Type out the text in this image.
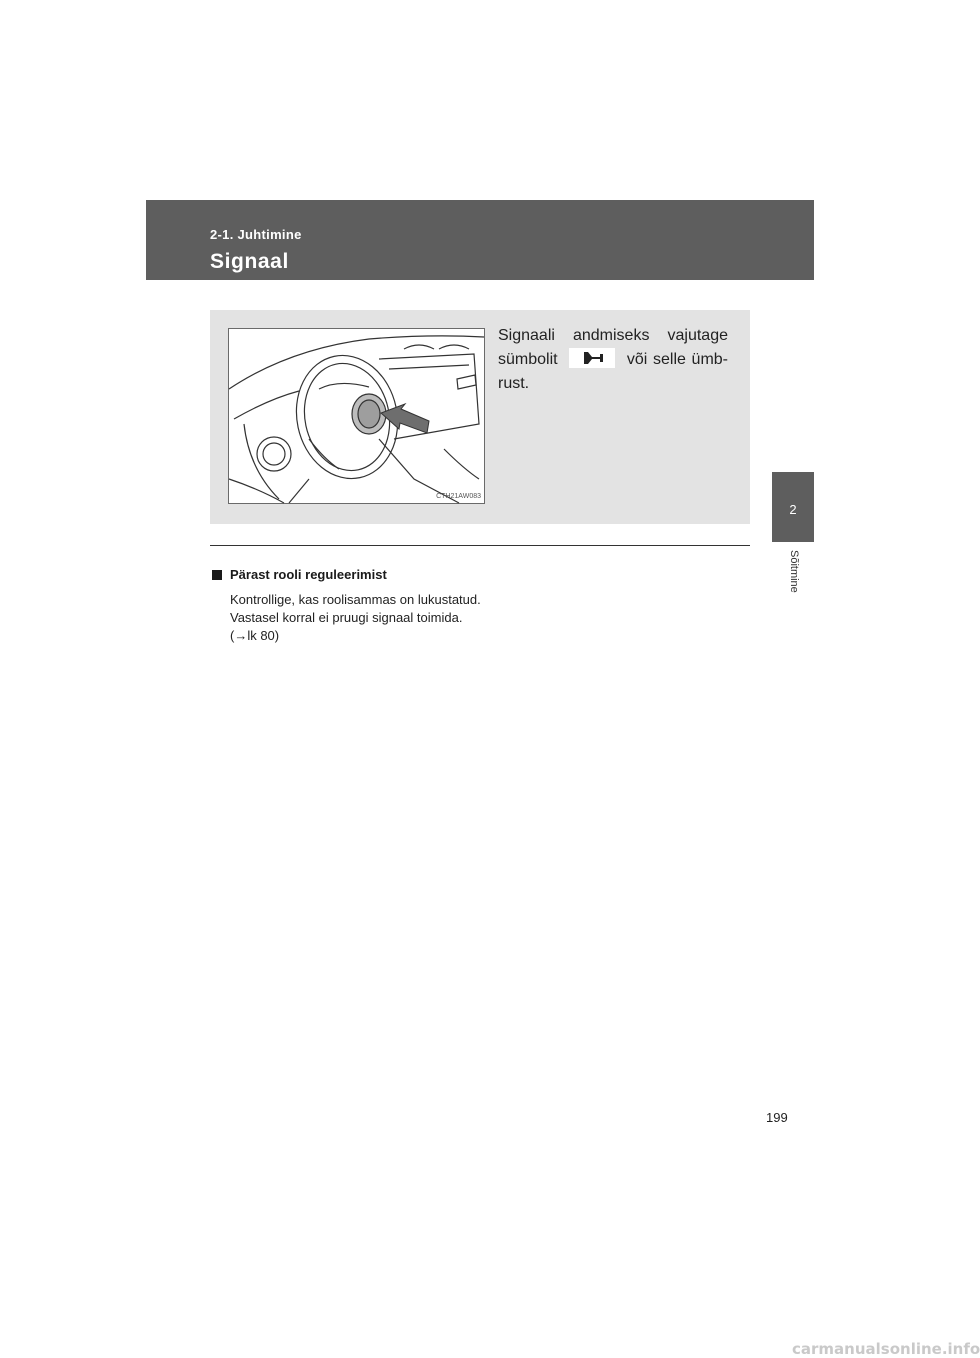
2-1. Juhtimine
Signaal
2
Sõitmine
CTH21AW083
Signaali andmiseks vajutage sümbolit	või selle ümb-rust.
Pärast rooli reguleerimist
Kontrollige, kas roolisammas on lukustatud.
Vastasel korral ei pruugi signaal toimida.
(→lk 80)
199
carmanualsonline.info
